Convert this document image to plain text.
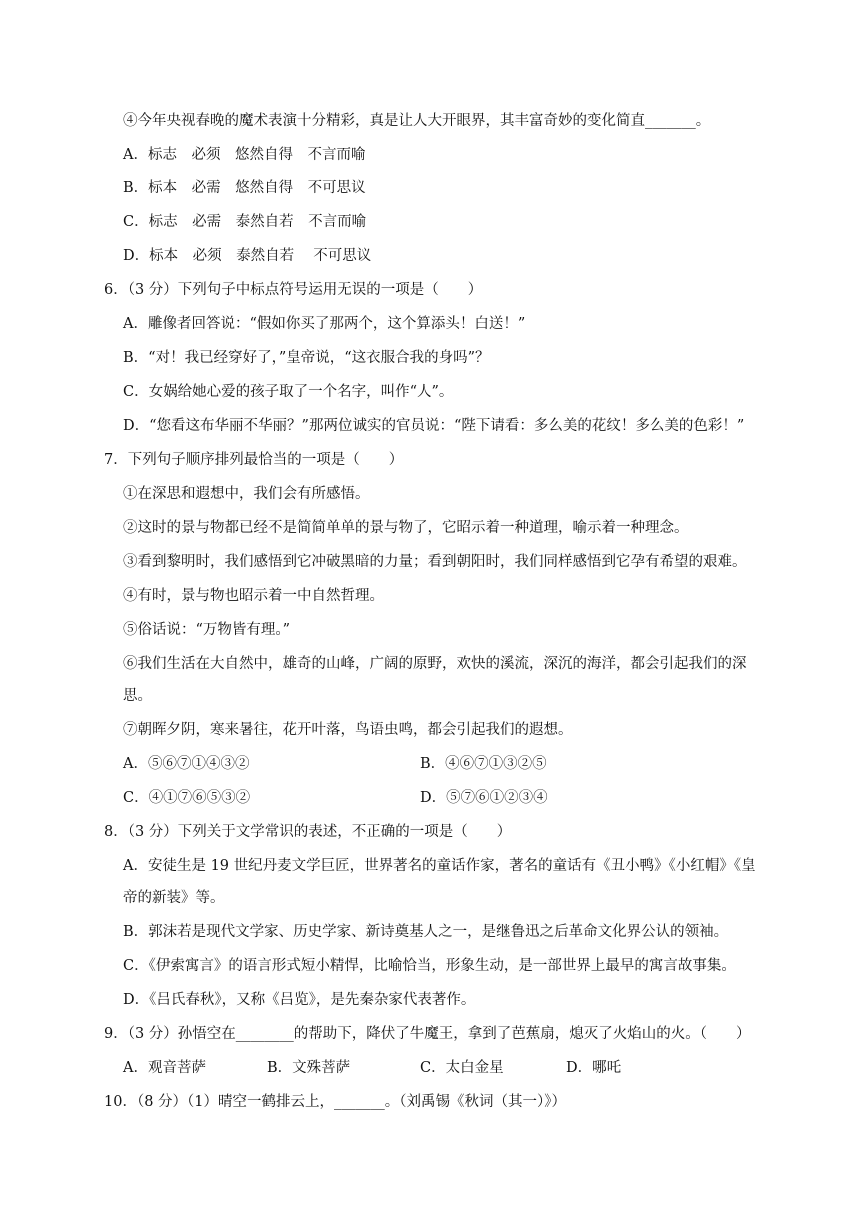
④今年央视春晚的魔术表演十分精彩，真是让人大开眼界，其丰富奇妙的变化简直_______。
A．标志　必须　悠然自得　不言而喻
B．标本　必需　悠然自得　不可思议
C．标志　必需　泰然自若　不言而喻
D．标本　必须　泰然自若　 不可思议
6．（3 分）下列句子中标点符号运用无误的一项是（　　）
A．雕像者回答说：“假如你买了那两个，这个算添头！白送！”
B．“对！我已经穿好了，”皇帝说，“这衣服合我的身吗”？
C．女娲给她心爱的孩子取了一个名字，叫作“人”。
D．“您看这布华丽不华丽？”那两位诚实的官员说：“陛下请看：多么美的花纹！多么美的色彩！”
7．下列句子顺序排列最恰当的一项是（　　）
①在深思和遐想中，我们会有所感悟。
②这时的景与物都已经不是简简单单的景与物了，它昭示着一种道理，喻示着一种理念。
③看到黎明时，我们感悟到它冲破黑暗的力量；看到朝阳时，我们同样感悟到它孕有希望的艰难。
④有时，景与物也昭示着一中自然哲理。
⑤俗话说：“万物皆有理。”
⑥我们生活在大自然中，雄奇的山峰，广阔的原野，欢快的溪流，深沉的海洋，都会引起我们的深
思。
⑦朝晖夕阴，寒来暑往，花开叶落，鸟语虫鸣，都会引起我们的遐想。
A．⑤⑥⑦①④③②	B．④⑥⑦①③②⑤
C．④①⑦⑥⑤③②	D．⑤⑦⑥①②③④
8．（3 分）下列关于文学常识的表述，不正确的一项是（　　）
A．安徒生是 19 世纪丹麦文学巨匠，世界著名的童话作家，著名的童话有《丑小鸭》《小红帽》《皇
帝的新装》等。
B．郭沫若是现代文学家、历史学家、新诗奠基人之一，是继鲁迅之后革命文化界公认的领袖。
C．《伊索寓言》的语言形式短小精悍，比喻恰当，形象生动，是一部世界上最早的寓言故事集。
D．《吕氏春秋》，又称《吕览》，是先秦杂家代表著作。
9．（3 分）孙悟空在________的帮助下，降伏了牛魔王，拿到了芭蕉扇，熄灭了火焰山的火。（　　）
A．观音菩萨	B．文殊菩萨	C．太白金星	D．哪吒
10．（8 分）（1）晴空一鹤排云上，_______。（刘禹锡《秋词（其一）》）
